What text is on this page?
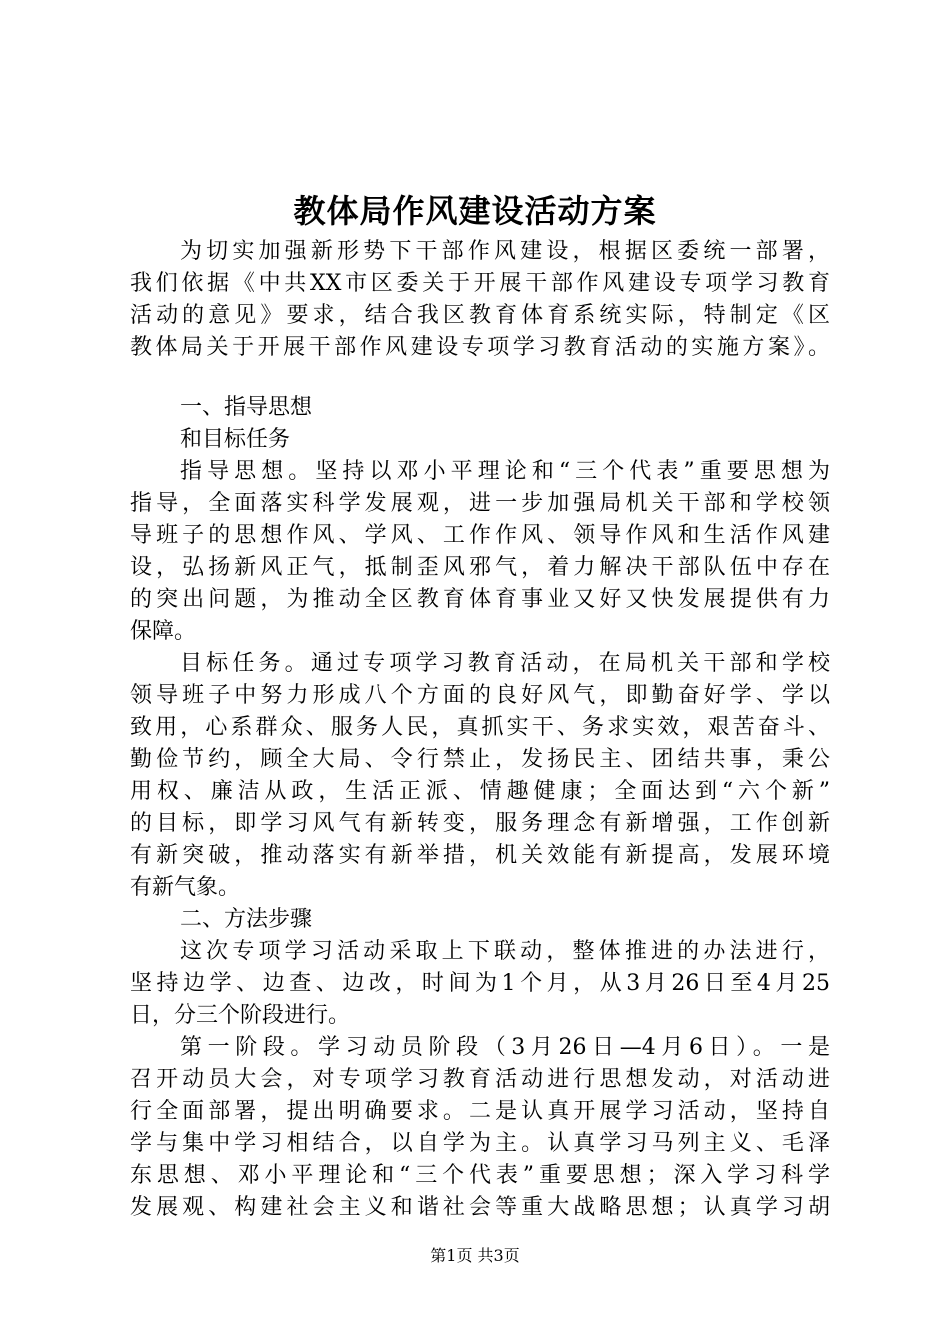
教体局作风建设活动方案
为切实加强新形势下干部作风建设，根据区委统一部署，
我们依据《中共XX市区委关于开展干部作风建设专项学习教育
活动的意见》要求，结合我区教育体育系统实际，特制定《区
教体局关于开展干部作风建设专项学习教育活动的实施方案》。
一、指导思想
和目标任务
指导思想。坚持以邓小平理论和“三个代表”重要思想为
指导，全面落实科学发展观，进一步加强局机关干部和学校领
导班子的思想作风、学风、工作作风、领导作风和生活作风建
设，弘扬新风正气，抵制歪风邪气，着力解决干部队伍中存在
的突出问题，为推动全区教育体育事业又好又快发展提供有力
保障。
目标任务。通过专项学习教育活动，在局机关干部和学校
领导班子中努力形成八个方面的良好风气，即勤奋好学、学以
致用，心系群众、服务人民，真抓实干、务求实效，艰苦奋斗、
勤俭节约，顾全大局、令行禁止，发扬民主、团结共事，秉公
用权、廉洁从政，生活正派、情趣健康；全面达到“六个新”
的目标，即学习风气有新转变，服务理念有新增强，工作创新
有新突破，推动落实有新举措，机关效能有新提高，发展环境
有新气象。
二、方法步骤
这次专项学习活动采取上下联动，整体推进的办法进行，
坚持边学、边查、边改，时间为1个月，从3月26日至4月25
日，分三个阶段进行。
第一阶段。学习动员阶段（3月26日—4月6日）。一是
召开动员大会，对专项学习教育活动进行思想发动，对活动进
行全面部署，提出明确要求。二是认真开展学习活动，坚持自
学与集中学习相结合，以自学为主。认真学习马列主义、毛泽
东思想、邓小平理论和“三个代表”重要思想；深入学习科学
发展观、构建社会主义和谐社会等重大战略思想；认真学习胡
第1页 共3页
